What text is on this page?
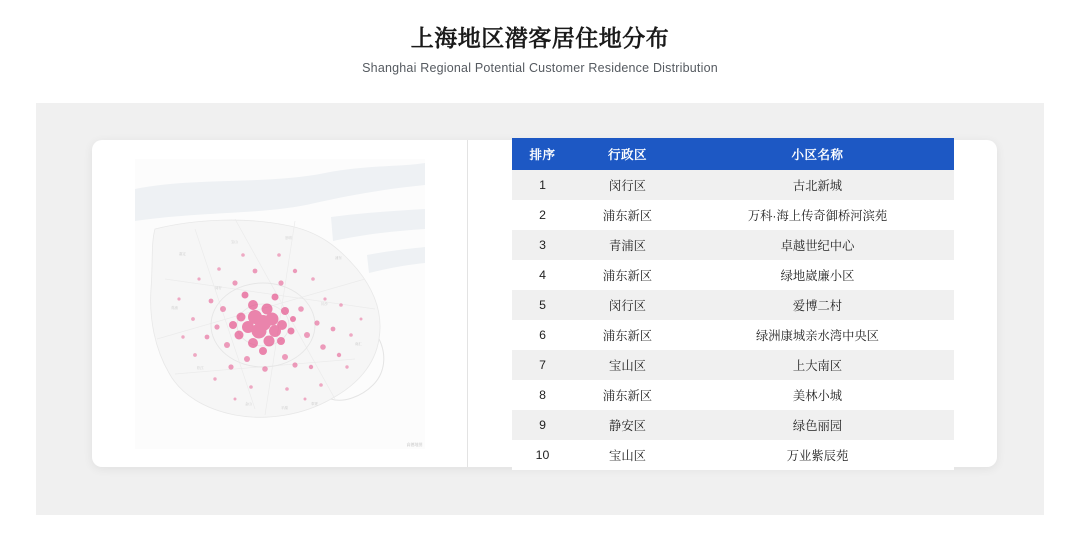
上海地区潜客居住地分布
Shanghai Regional Potential Customer Residence Distribution
嘉定
宝山
崇明
浦东
青浦
松江
金山	奉贤
南汇
闵行
川沙
平湖
高德地图
排序	行政区	小区名称
1	闵行区	古北新城
2	浦东新区	万科·海上传奇御桥河滨苑
3	青浦区	卓越世纪中心
4	浦东新区	绿地崴廉小区
5	闵行区	爱博二村
6	浦东新区	绿洲康城亲水湾中央区
7	宝山区	上大南区
8	浦东新区	美林小城
9	静安区	绿色丽园
10	宝山区	万业紫辰苑
